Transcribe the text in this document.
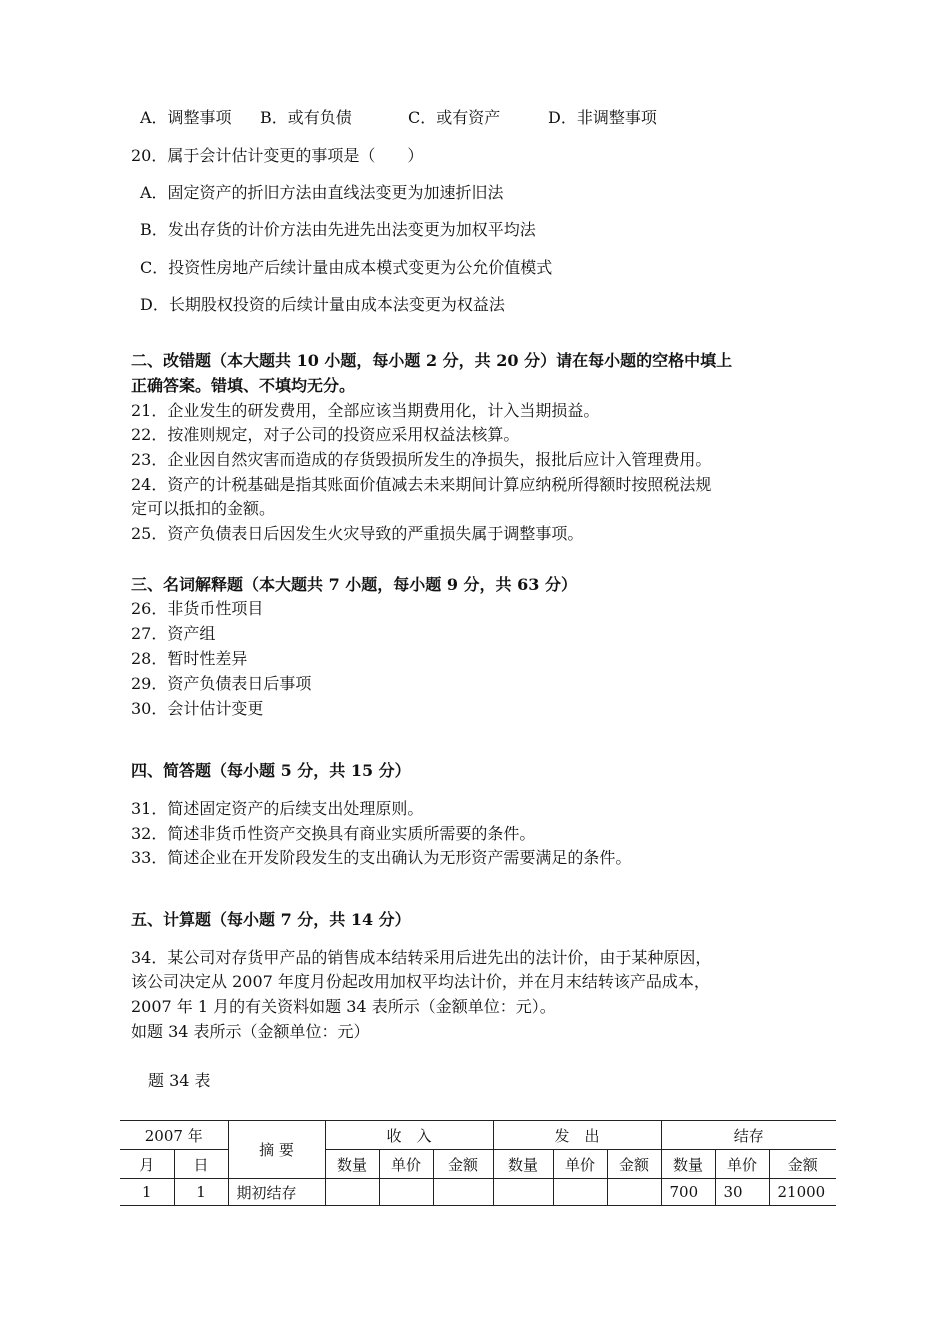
A．调整事项 B．或有负债	C．或有资产	D．非调整事项
20．属于会计估计变更的事项是（　　）
A．固定资产的折旧方法由直线法变更为加速折旧法
B．发出存货的计价方法由先进先出法变更为加权平均法
C．投资性房地产后续计量由成本模式变更为公允价值模式
D．长期股权投资的后续计量由成本法变更为权益法
二、改错题（本大题共 10 小题，每小题 2 分，共 20 分）请在每小题的空格中填上
正确答案。错填、不填均无分。
21．企业发生的研发费用，全部应该当期费用化，计入当期损益。
22．按准则规定，对子公司的投资应采用权益法核算。
23．企业因自然灾害而造成的存货毁损所发生的净损失，报批后应计入管理费用。
24．资产的计税基础是指其账面价值减去未来期间计算应纳税所得额时按照税法规
定可以抵扣的金额。
25．资产负债表日后因发生火灾导致的严重损失属于调整事项。
三、名词解释题（本大题共 7 小题，每小题 9 分，共 63 分）
26．非货币性项目
27．资产组
28．暂时性差异
29．资产负债表日后事项
30．会计估计变更
四、简答题（每小题 5 分，共 15 分）
31．简述固定资产的后续支出处理原则。
32．简述非货币性资产交换具有商业实质所需要的条件。
33．简述企业在开发阶段发生的支出确认为无形资产需要满足的条件。
五、计算题（每小题 7 分，共 14 分）
34．某公司对存货甲产品的销售成本结转采用后进先出的法计价，由于某种原因，
该公司决定从 2007 年度月份起改用加权平均法计价，并在月末结转该产品成本，
2007 年 1 月的有关资料如题 34 表所示（金额单位：元）。
如题 34 表所示（金额单位：元）
题 34 表
2007 年		摘 要	收　入			发　出			结存		
月	日		数量	单价	金额	数量	单价	金额	数量	单价	金额
1	1	期初结存							700	30	21000
